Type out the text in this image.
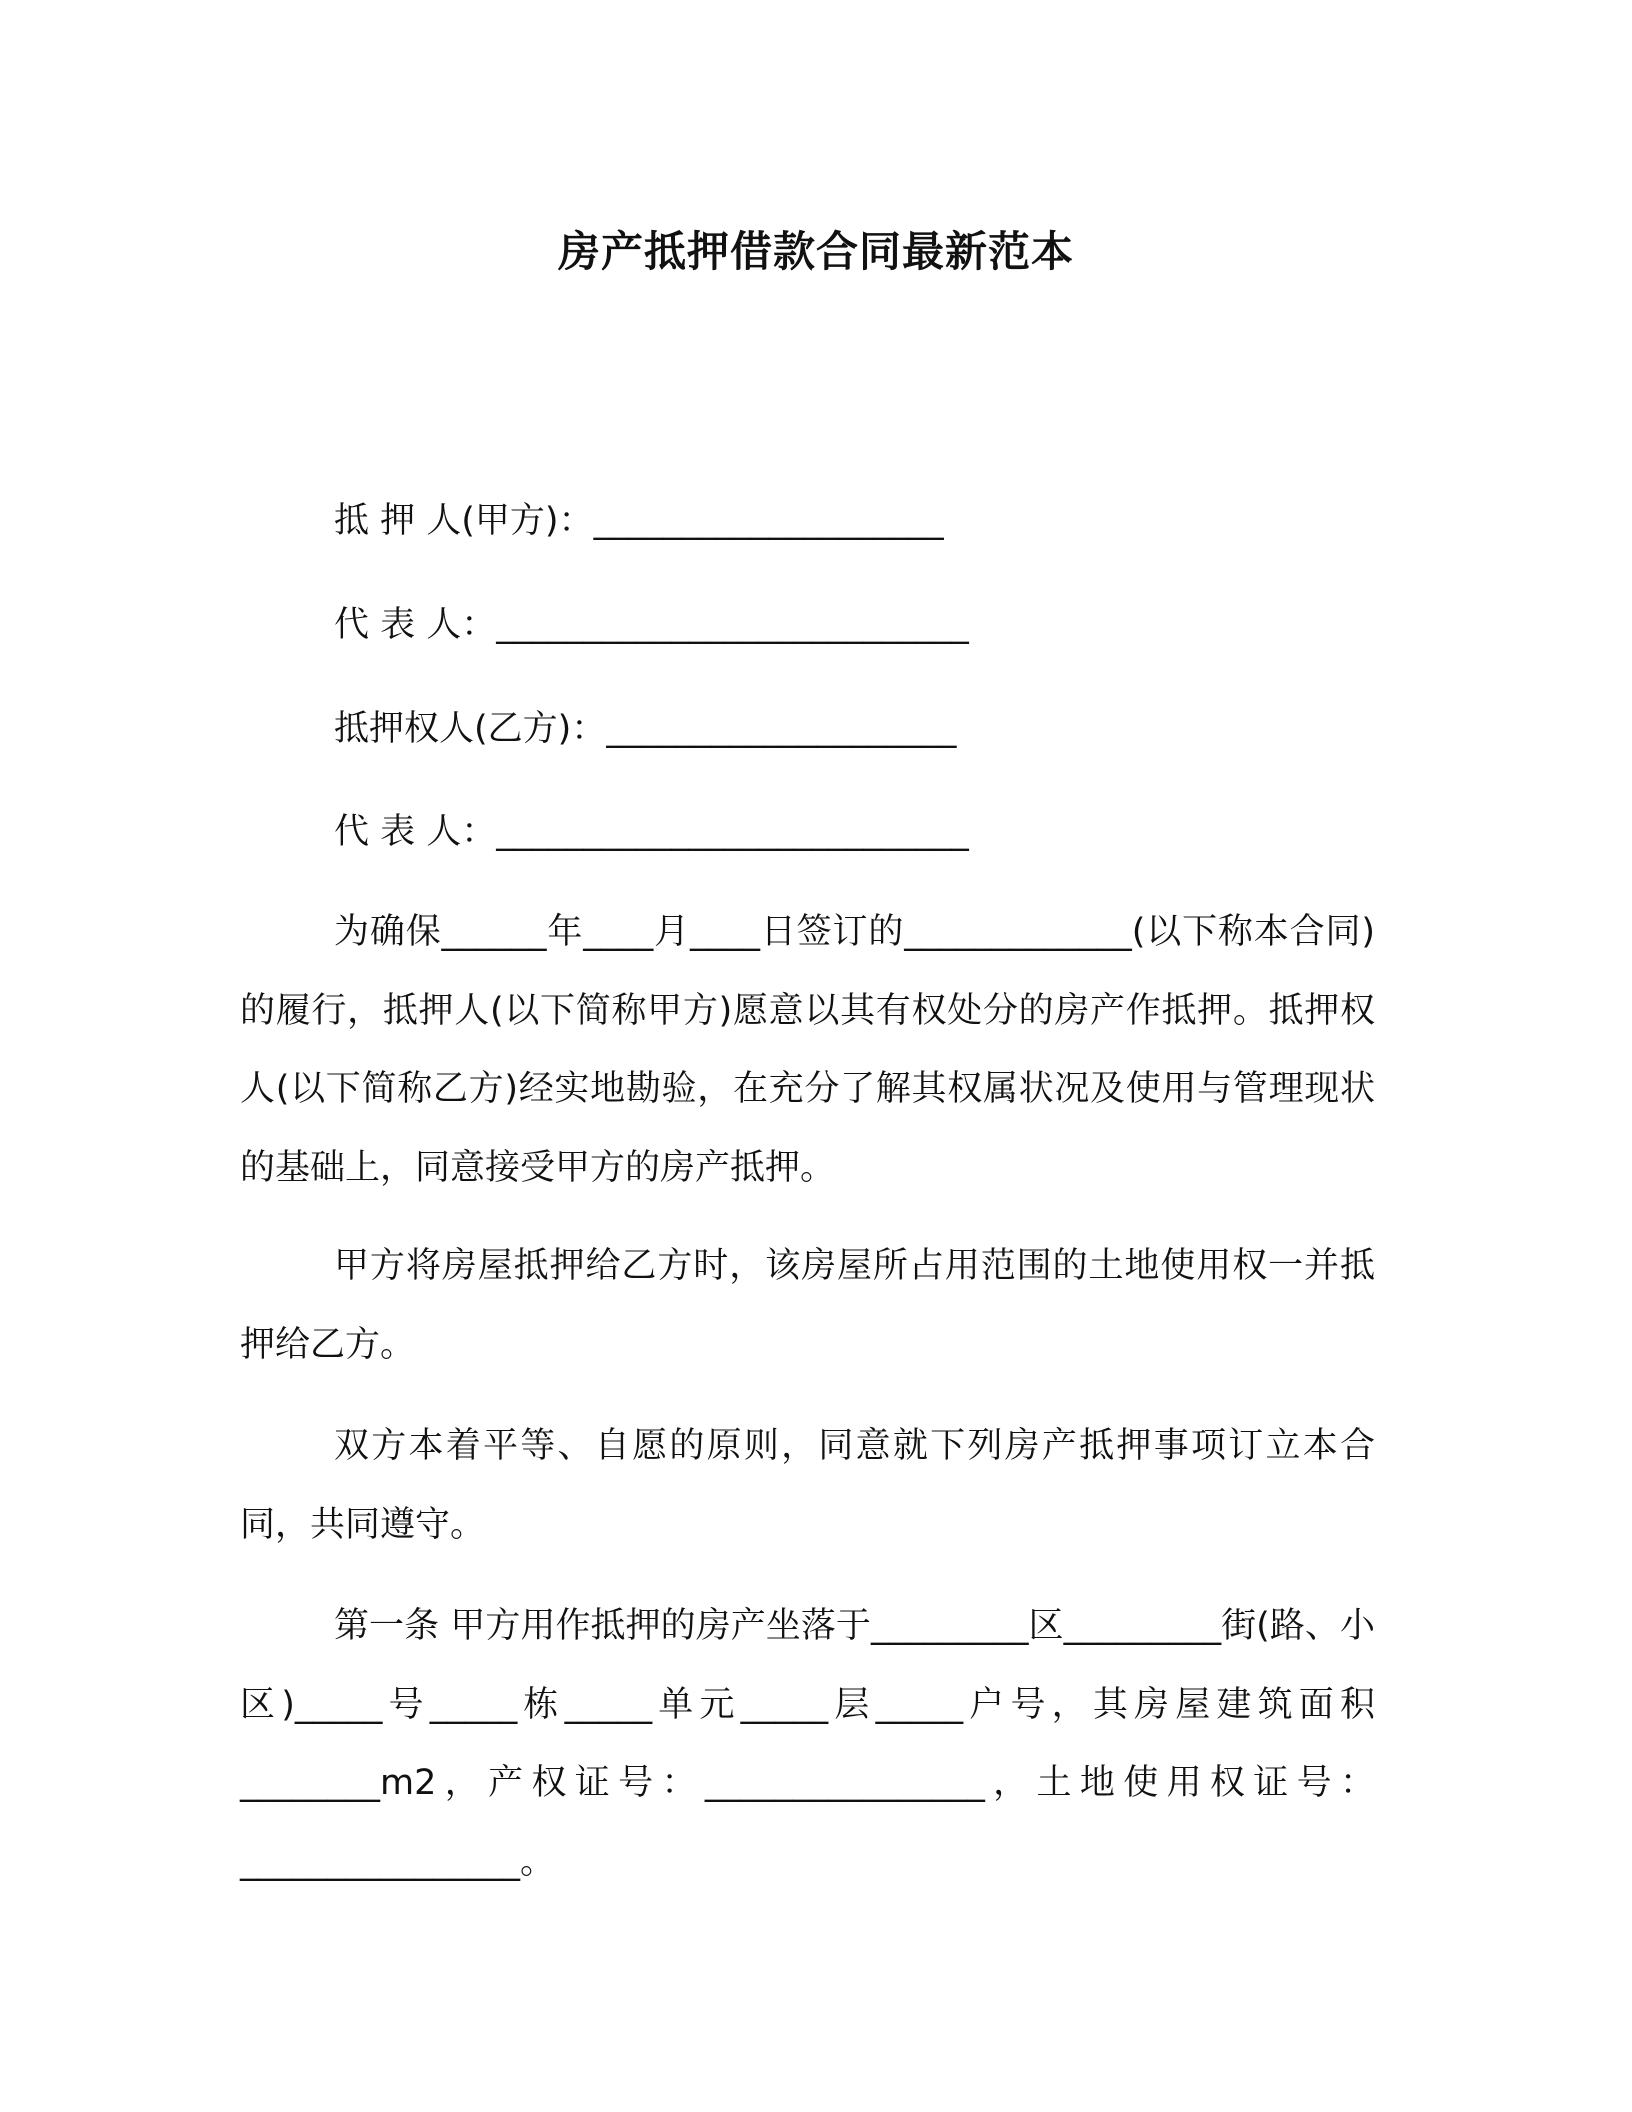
房产抵押借款合同最新范本
抵 押 人(甲方)：____________________
代 表 人：___________________________
抵押权人(乙方)：____________________
代 表 人：___________________________

为确保______年____月____日签订的_____________(以下称本合同)的履行，抵押人(以下简称甲方)愿意以其有权处分的房产作抵押。抵押权人(以下简称乙方)经实地勘验，在充分了解其权属状况及使用与管理现状的基础上，同意接受甲方的房产抵押。

甲方将房屋抵押给乙方时，该房屋所占用范围的土地使用权一并抵押给乙方。

双方本着平等、自愿的原则，同意就下列房产抵押事项订立本合同，共同遵守。

第一条 甲方用作抵押的房产坐落于_________区_________街(路、小区)_____号_____栋_____单元_____层_____户号，其房屋建筑面积________m2，产权证号：________________，土地使用权证号：________________。
